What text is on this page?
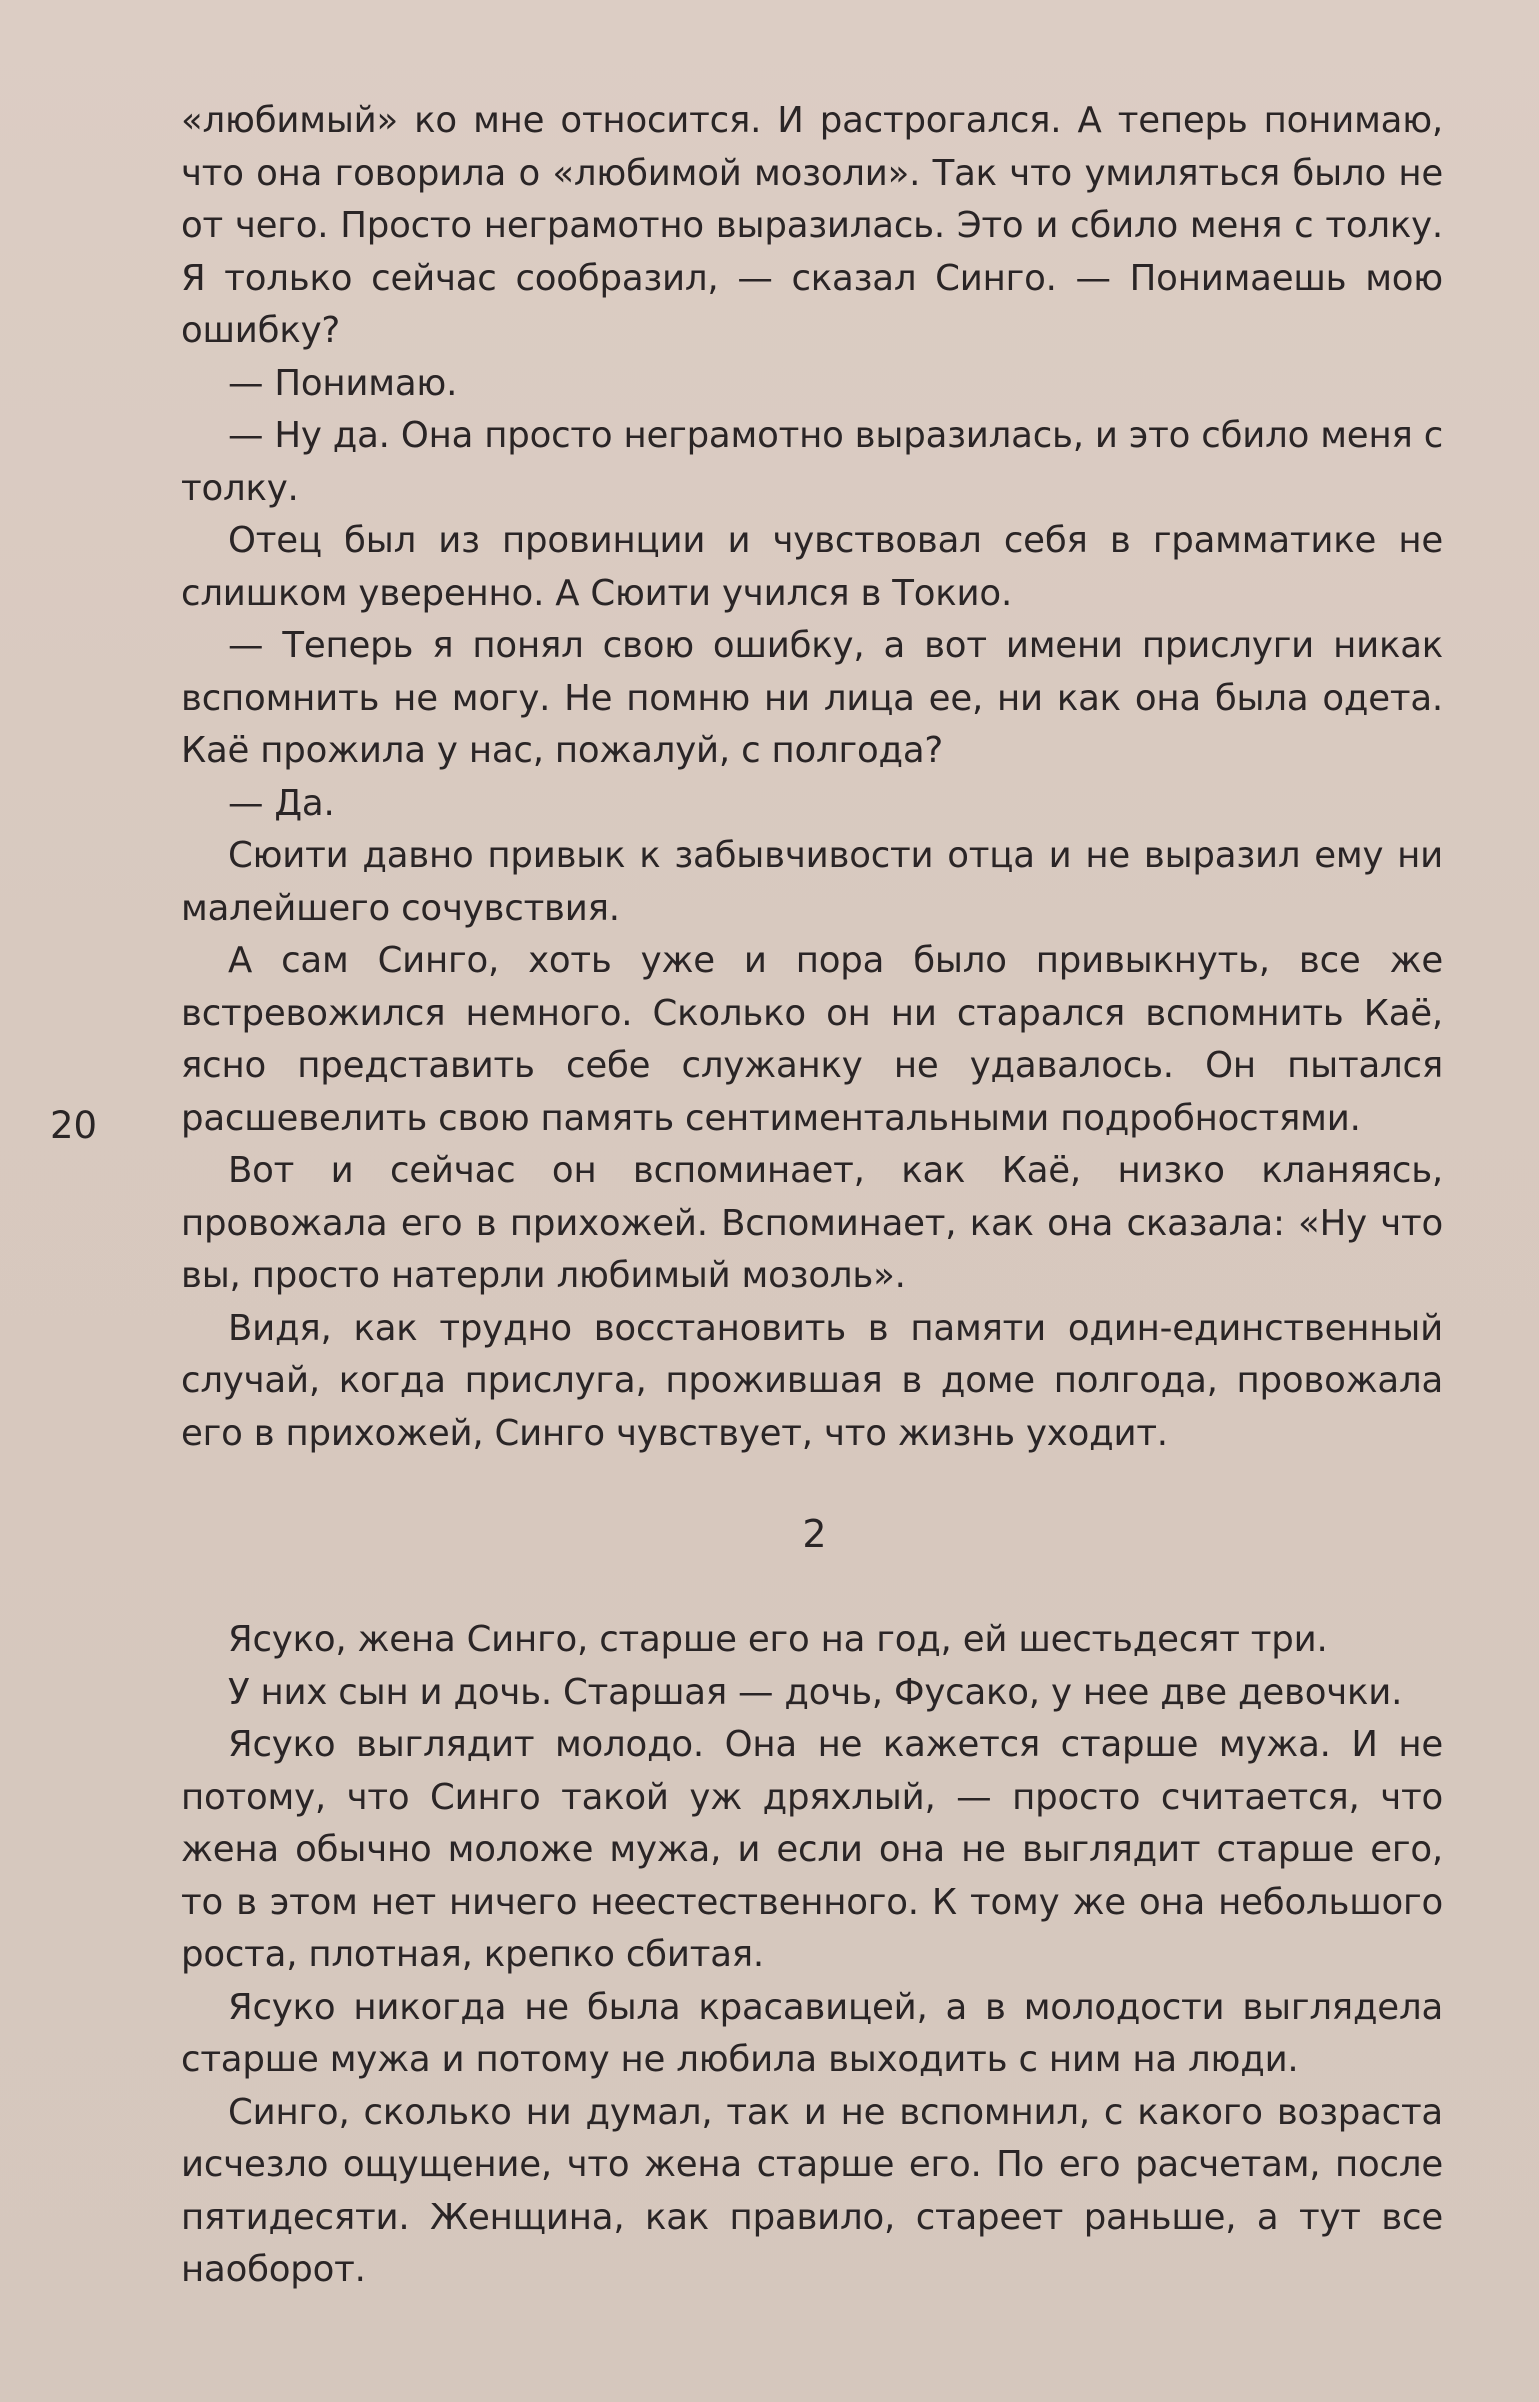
20

«любимый» ко мне относится. И растрогался. А теперь понимаю, что она говорила о «любимой мозоли». Так что умиляться было не от чего. Просто неграмотно выразилась. Это и сбило меня с толку. Я только сейчас сообразил, — сказал Синго. — Понимаешь мою ошибку?

— Понимаю.

— Ну да. Она просто неграмотно выразилась, и это сбило меня с толку.

Отец был из провинции и чувствовал себя в грамматике не слишком уверенно. А Сюити учился в Токио.

— Теперь я понял свою ошибку, а вот имени прислуги никак вспомнить не могу. Не помню ни лица ее, ни как она была одета. Каё прожила у нас, пожалуй, с полгода?

— Да.

Сюити давно привык к забывчивости отца и не выразил ему ни малейшего сочувствия.

А сам Синго, хоть уже и пора было привыкнуть, все же встревожился немного. Сколько он ни старался вспомнить Каё, ясно представить себе служанку не удавалось. Он пытался расшевелить свою память сентиментальными подробностями.

Вот и сейчас он вспоминает, как Каё, низко кланяясь, провожала его в прихожей. Вспоминает, как она сказала: «Ну что вы, просто натерли любимый мозоль».

Видя, как трудно восстановить в памяти один-единственный случай, когда прислуга, прожившая в доме полгода, провожала его в прихожей, Синго чувствует, что жизнь уходит.

2

Ясуко, жена Синго, старше его на год, ей шестьдесят три.

У них сын и дочь. Старшая — дочь, Фусако, у нее две девочки.

Ясуко выглядит молодо. Она не кажется старше мужа. И не потому, что Синго такой уж дряхлый, — просто считается, что жена обычно моложе мужа, и если она не выглядит старше его, то в этом нет ничего неестественного. К тому же она небольшого роста, плотная, крепко сбитая.

Ясуко никогда не была красавицей, а в молодости выглядела старше мужа и потому не любила выходить с ним на люди.

Синго, сколько ни думал, так и не вспомнил, с какого возраста исчезло ощущение, что жена старше его. По его расчетам, после пятидесяти. Женщина, как правило, стареет раньше, а тут все наоборот.
